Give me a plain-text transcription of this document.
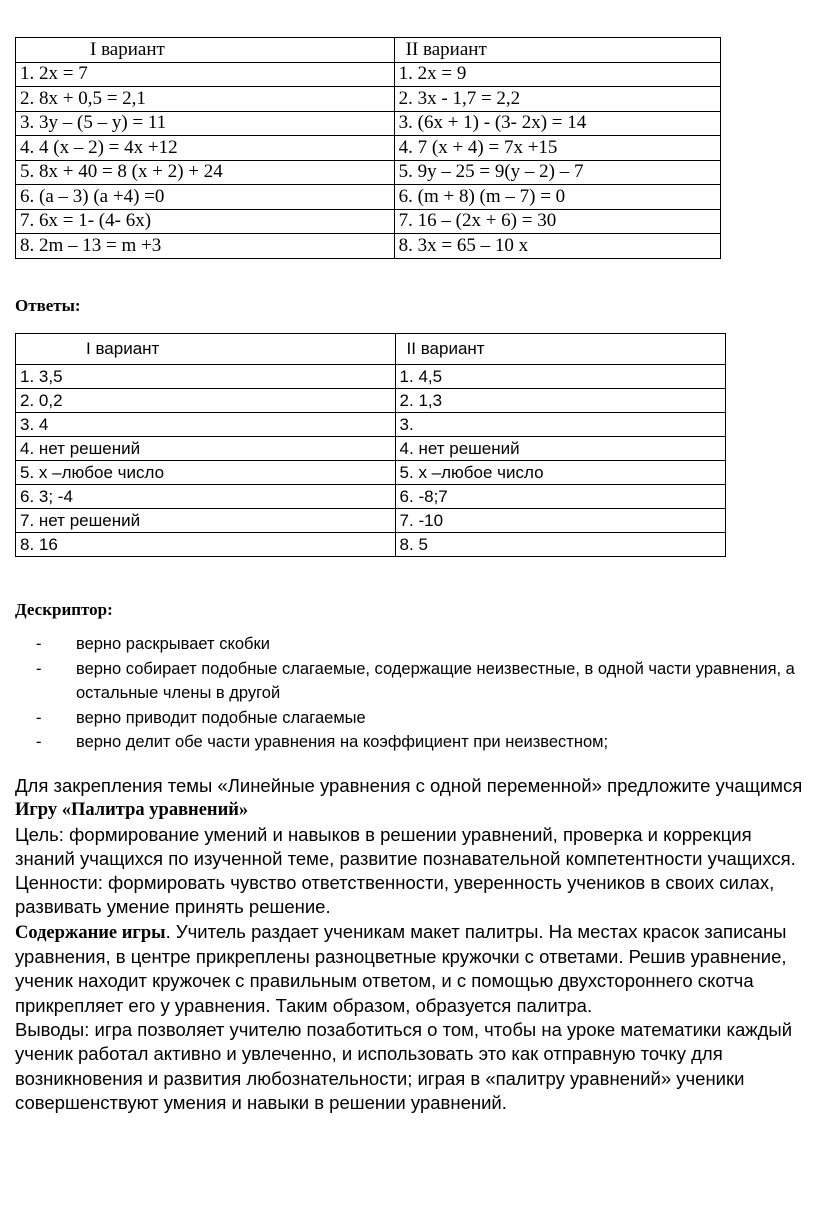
I вариант	II вариант
1. 2x = 7	1. 2x = 9
2. 8x + 0,5 = 2,1	2. 3x - 1,7 = 2,2
3. 3y – (5 – y) = 11	3. (6x + 1) - (3- 2x) = 14
4. 4 (x – 2) = 4x +12	4. 7 (x + 4) = 7x +15
5. 8x + 40 = 8 (x + 2) + 24	5. 9y – 25 = 9(y – 2) – 7
6. (a – 3) (a +4) =0	6. (m + 8) (m – 7) = 0
7. 6x = 1- (4- 6x)	7. 16 – (2x + 6) = 30
8. 2m – 13 = m +3	8. 3x = 65 – 10 x

Ответы:

I вариант	II вариант
1. 3,5	1. 4,5
2. 0,2	2. 1,3
3. 4	3.
4. нет решений	4. нет решений
5. х –любое число	5. х –любое число
6. 3; -4	6. -8;7
7. нет решений	7. -10
8. 16	8. 5

Дескриптор:

- верно раскрывает скобки
- верно собирает подобные слагаемые, содержащие неизвестные, в одной части уравнения, а
остальные члены в другой
- верно приводит подобные слагаемые
- верно делит обе части уравнения на коэффициент при неизвестном;
Для закрепления темы «Линейные уравнения с одной переменной» предложите учащимся
Игру «Палитра уравнений»
Цель: формирование умений и навыков в решении уравнений, проверка и коррекция
знаний учащихся по изученной теме, развитие познавательной компетентности учащихся.
Ценности: формировать чувство ответственности, уверенность учеников в своих силах,
развивать умение принять решение.
Содержание игры. Учитель раздает ученикам макет палитры. На местах красок записаны
уравнения, в центре прикреплены разноцветные кружочки с ответами. Решив уравнение,
ученик находит кружочек с правильным ответом, и с помощью двухстороннего скотча
прикрепляет его у уравнения. Таким образом, образуется палитра.
Выводы: игра позволяет учителю позаботиться о том, чтобы на уроке математики каждый
ученик работал активно и увлеченно, и использовать это как отправную точку для
возникновения и развития любознательности; играя в «палитру уравнений» ученики
совершенствуют умения и навыки в решении уравнений.
